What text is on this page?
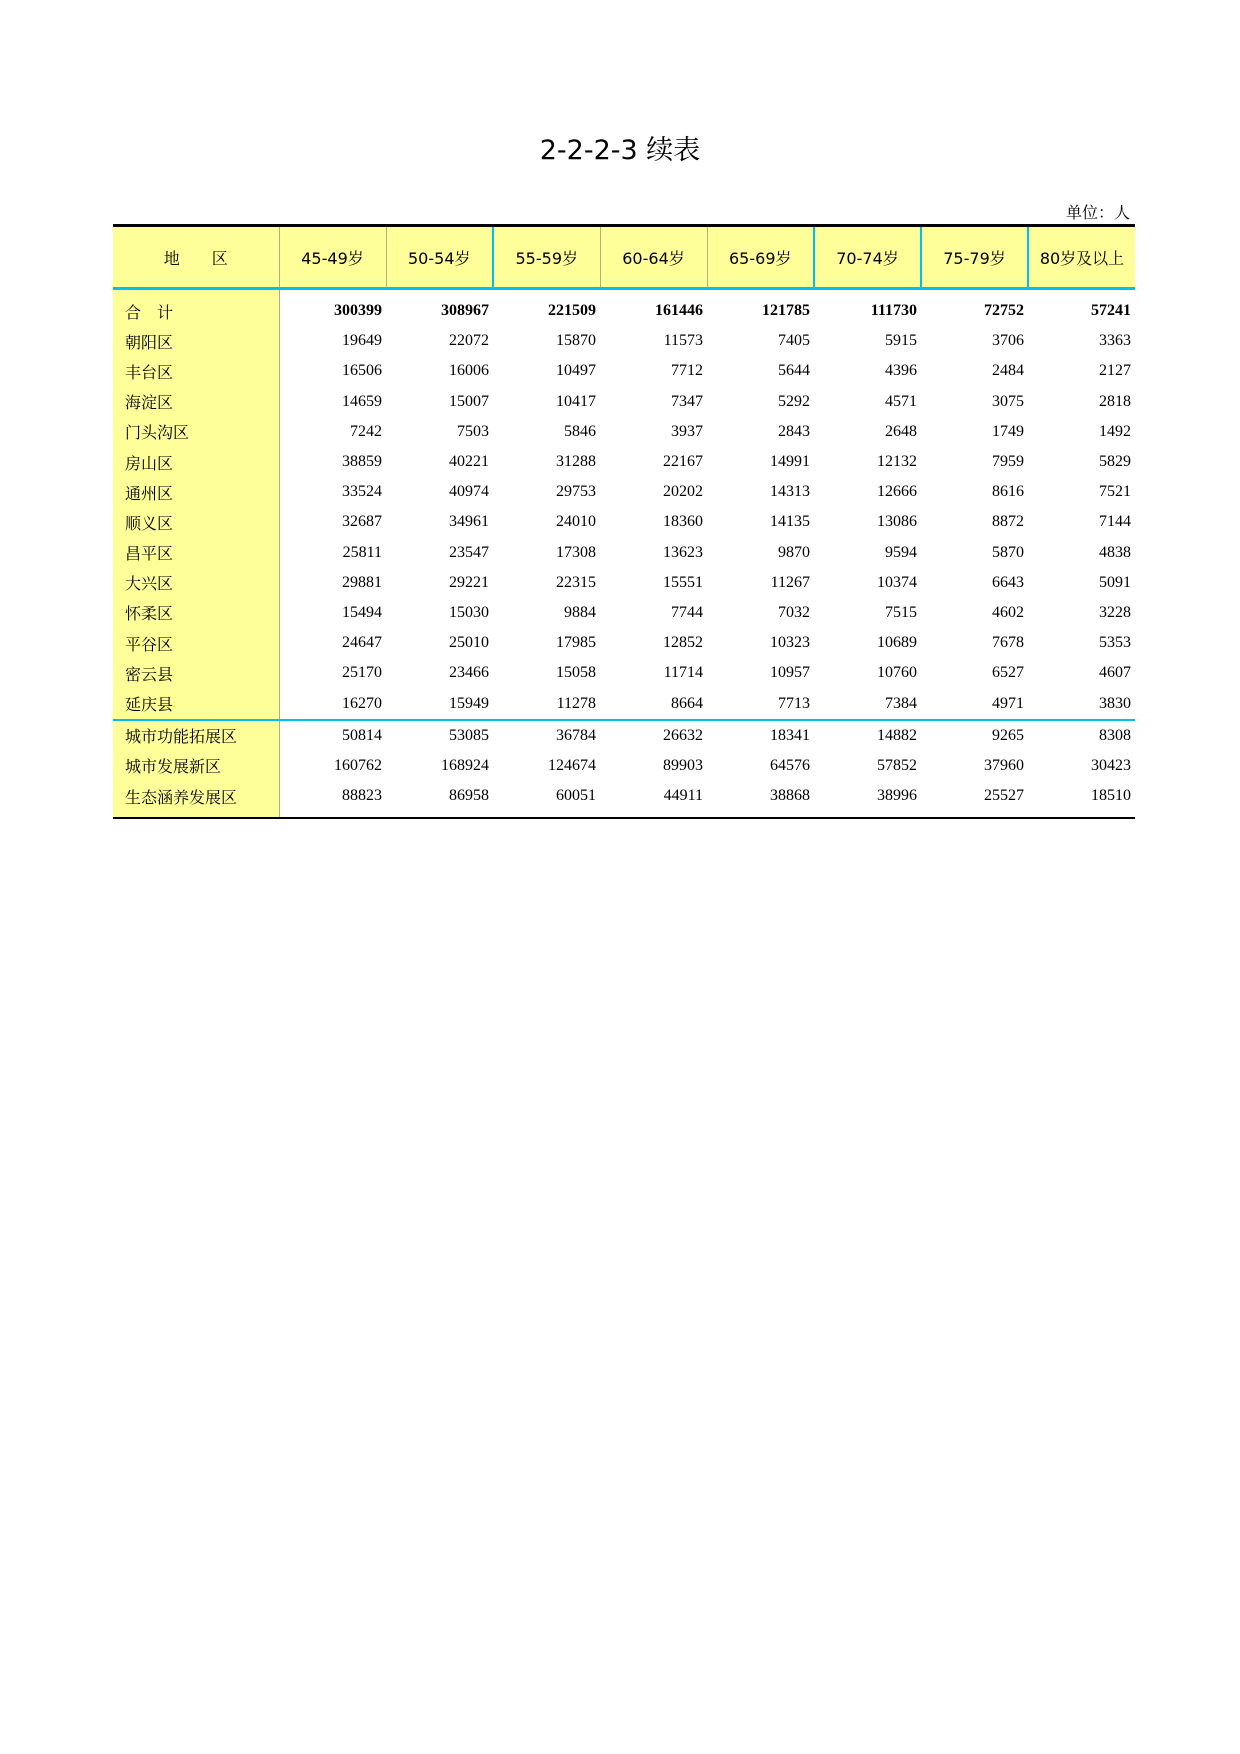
2-2-2-3 续表
单位：人
地　　区	45-49岁	50-54岁	55-59岁	60-64岁	65-69岁	70-74岁	75-79岁	80岁及以上
合　计	300399	308967	221509	161446	121785	111730	72752	57241
朝阳区	19649	22072	15870	11573	7405	5915	3706	3363
丰台区	16506	16006	10497	7712	5644	4396	2484	2127
海淀区	14659	15007	10417	7347	5292	4571	3075	2818
门头沟区	7242	7503	5846	3937	2843	2648	1749	1492
房山区	38859	40221	31288	22167	14991	12132	7959	5829
通州区	33524	40974	29753	20202	14313	12666	8616	7521
顺义区	32687	34961	24010	18360	14135	13086	8872	7144
昌平区	25811	23547	17308	13623	9870	9594	5870	4838
大兴区	29881	29221	22315	15551	11267	10374	6643	5091
怀柔区	15494	15030	9884	7744	7032	7515	4602	3228
平谷区	24647	25010	17985	12852	10323	10689	7678	5353
密云县	25170	23466	15058	11714	10957	10760	6527	4607
延庆县	16270	15949	11278	8664	7713	7384	4971	3830
城市功能拓展区	50814	53085	36784	26632	18341	14882	9265	8308
城市发展新区	160762	168924	124674	89903	64576	57852	37960	30423
生态涵养发展区	88823	86958	60051	44911	38868	38996	25527	18510
